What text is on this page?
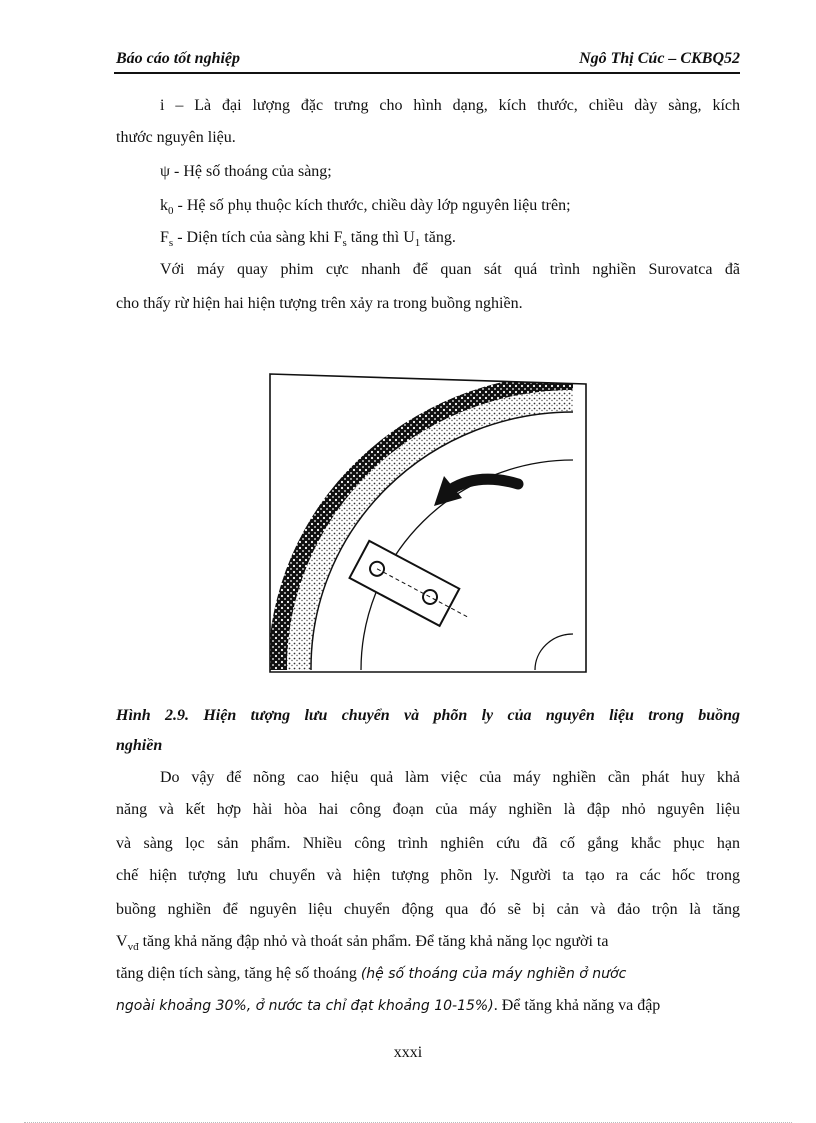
Báo cáo tốt nghiệp	Ngô Thị Cúc – CKBQ52
i – Là đại lượng đặc trưng cho hình dạng, kích thước, chiều dày sàng, kích
thước nguyên liệu.
ψ - Hệ số thoáng của sàng;
$k_0$ - Hệ số phụ thuộc kích thước, chiều dày lớp nguyên liệu trên;
$F_s$ - Diện tích của sàng khi $F_s$ tăng thì $U_1$ tăng.
Với máy quay phim cực nhanh để quan sát quá trình nghiền Surovatca đã
cho thấy rừ hiện hai hiện tượng trên xảy ra trong buồng nghiền.
Hình 2.9. Hiện tượng lưu chuyển và phõn ly của nguyên liệu trong buồng
nghiền
Do vậy để nõng cao hiệu quả làm việc của máy nghiền cần phát huy khả
năng và kết hợp hài hòa hai công đoạn của máy nghiền là đập nhỏ nguyên liệu
và sàng lọc sản phẩm. Nhiều công trình nghiên cứu đã cố gắng khắc phục hạn
chế hiện tượng lưu chuyển và hiện tượng phõn ly. Người ta tạo ra các hốc trong
buồng nghiền để nguyên liệu chuyển động qua đó sẽ bị cản và đảo trộn là tăng
$V_{vđ}$ tăng khả năng đập nhỏ và thoát sản phẩm. Để tăng khả năng lọc người ta
tăng diện tích sàng, tăng hệ số thoáng (hệ số thoáng của máy nghiền ở nước
ngoài khoảng 30%, ở nước ta chỉ đạt khoảng 10-15%). Để tăng khả năng va đập
xxxi
